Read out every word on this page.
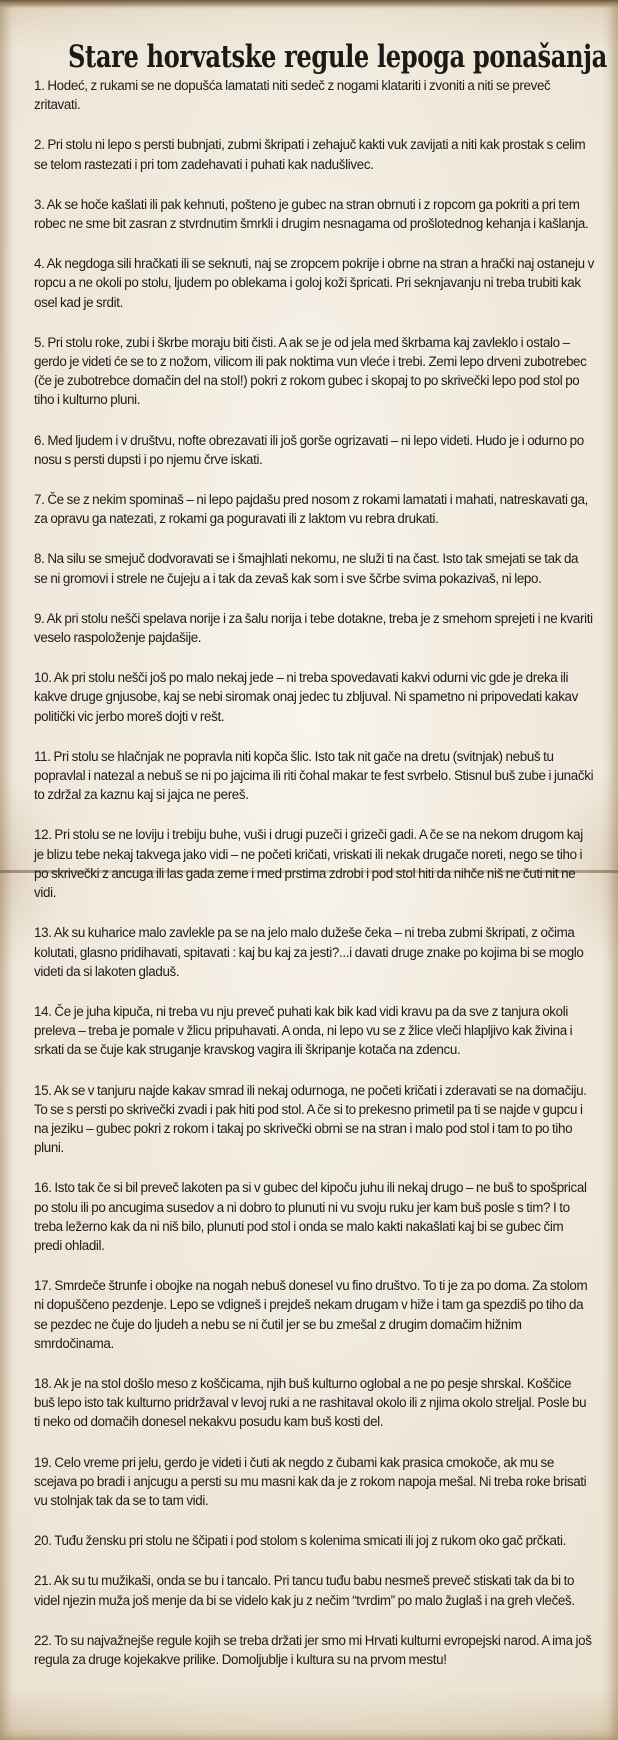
Stare horvatske regule lepoga ponašanja
1. Hodeć, z rukami se ne dopušća lamatati niti sedeč z nogami klatariti i zvoniti a niti se preveč zritavati.
2. Pri stolu ni lepo s persti bubnjati, zubmi škripati i zehajuč kakti vuk zavijati a niti kak prostak s celim se telom rastezati i pri tom zadehavati i puhati kak nadušlivec.
3. Ak se hoče kašlati ili pak kehnuti, pošteno je gubec na stran obrnuti i z ropcom ga pokriti a pri tem robec ne sme bit zasran z stvrdnutim šmrkli i drugim nesnagama od prošlotednog kehanja i kašlanja.
4. Ak negdoga sili hračkati ili se seknuti, naj se zropcem pokrije i obrne na stran a hrački naj ostaneju v ropcu a ne okoli po stolu, ljudem po oblekama i goloj koži špricati. Pri seknjavanju ni treba trubiti kak osel kad je srdit.
5. Pri stolu roke, zubi i škrbe moraju biti čisti. A ak se je od jela med škrbama kaj zavleklo i ostalo – gerdo je videti će se to z nožom, vilicom ili pak noktima vun vleće i trebi. Zemi lepo drveni zubotrebec (če je zubotrebce domačin del na stol!) pokri z rokom gubec i skopaj to po skrivečki lepo pod stol po tiho i kulturno pluni.
6. Med ljudem i v društvu, nofte obrezavati ili još gorše ogrizavati – ni lepo videti. Hudo je i odurno po nosu s persti dupsti i po njemu črve iskati.
7. Če se z nekim spominaš – ni lepo pajdašu pred nosom z rokami lamatati i mahati, natreskavati ga, za opravu ga natezati, z rokami ga poguravati ili z laktom vu rebra drukati.
8. Na silu se smejuč dodvoravati se i šmajhlati nekomu, ne služi ti na čast. Isto tak smejati se tak da se ni gromovi i strele ne čujeju a i tak da zevaš kak som i sve ščrbe svima pokazivaš, ni lepo.
9. Ak pri stolu nešči spelava norije i za šalu norija i tebe dotakne, treba je z smehom sprejeti i ne kvariti veselo raspoloženje pajdašije.
10. Ak pri stolu nešči još po malo nekaj jede – ni treba spovedavati kakvi odurni vic gde je dreka ili kakve druge gnjusobe, kaj se nebi siromak onaj jedec tu zbljuval. Ni spametno ni pripovedati kakav politički vic jerbo moreš dojti v rešt.
11. Pri stolu se hlačnjak ne popravla niti kopča šlic. Isto tak nit gače na dretu (svitnjak) nebuš tu popravlal i natezal a nebuš se ni po jajcima ili riti čohal makar te fest svrbelo. Stisnul buš zube i junački to zdržal za kaznu kaj si jajca ne pereš.
12. Pri stolu se ne loviju i trebiju buhe, vuši i drugi puzeči i grizeči gadi. A če se na nekom drugom kaj je blizu tebe nekaj takvega jako vidi – ne početi kričati, vriskati ili nekak drugače noreti, nego se tiho i po skrivečki z ancuga ili las gada zeme i med prstima zdrobi i pod stol hiti da nihče niš ne čuti nit ne vidi.
13. Ak su kuharice malo zavlekle pa se na jelo malo dužeše čeka – ni treba zubmi škripati, z očima kolutati, glasno pridihavati, spitavati : kaj bu kaj za jesti?...i davati druge znake po kojima bi se moglo videti da si lakoten gladuš.
14. Če je juha kipuča, ni treba vu nju preveč puhati kak bik kad vidi kravu pa da sve z tanjura okoli preleva – treba je pomale v žlicu pripuhavati. A onda, ni lepo vu se z žlice vleči hlapljivo kak živina i srkati da se čuje kak struganje kravskog vagira ili škripanje kotača na zdencu.
15. Ak se v tanjuru najde kakav smrad ili nekaj odurnoga, ne početi kričati i zderavati se na domačiju. To se s persti po skrivečki zvadi i pak hiti pod stol. A če si to prekesno primetil pa ti se najde v gupcu i na jeziku – gubec pokri z rokom i takaj po skrivečki obrni se na stran i malo pod stol i tam to po tiho pluni.
16. Isto tak če si bil preveč lakoten pa si v gubec del kipoču juhu ili nekaj drugo – ne buš to spošprical po stolu ili po ancugima susedov a ni dobro to plunuti ni vu svoju ruku jer kam buš posle s tim? I to treba ležerno kak da ni niš bilo, plunuti pod stol i onda se malo kakti nakašlati kaj bi se gubec čim predi ohladil.
17. Smrdeče štrunfe i obojke na nogah nebuš donesel vu fino društvo. To ti je za po doma. Za stolom ni dopuščeno pezdenje. Lepo se vdigneš i prejdeš nekam drugam v hiže i tam ga spezdiš po tiho da se pezdec ne čuje do ljudeh a nebu se ni čutil jer se bu zmešal z drugim domačim hižnim smrdočinama.
18. Ak je na stol došlo meso z koščicama, njih buš kulturno oglobal a ne po pesje shrskal. Koščice buš lepo isto tak kulturno pridržaval v levoj ruki a ne rashitaval okolo ili z njima okolo streljal. Posle bu ti neko od domačih donesel nekakvu posudu kam buš kosti del.
19. Celo vreme pri jelu, gerdo je videti i čuti ak negdo z čubami kak prasica cmokoče, ak mu se scejava po bradi i anjcugu a persti su mu masni kak da je z rokom napoja mešal. Ni treba roke brisati vu stolnjak tak da se to tam vidi.
20. Tuđu žensku pri stolu ne ščipati i pod stolom s kolenima smicati ili joj z rukom oko gač prčkati.
21. Ak su tu mužikaši, onda se bu i tancalo. Pri tancu tuđu babu nesmeš preveč stiskati tak da bi to videl njezin muža još menje da bi se videlo kak ju z nečim “tvrdim” po malo žuglaš i na greh vlečeš.
22. To su najvažnejše regule kojih se treba držati jer smo mi Hrvati kulturni evropejski narod. A ima još regula za druge kojekakve prilike. Domoljublje i kultura su na prvom mestu!
